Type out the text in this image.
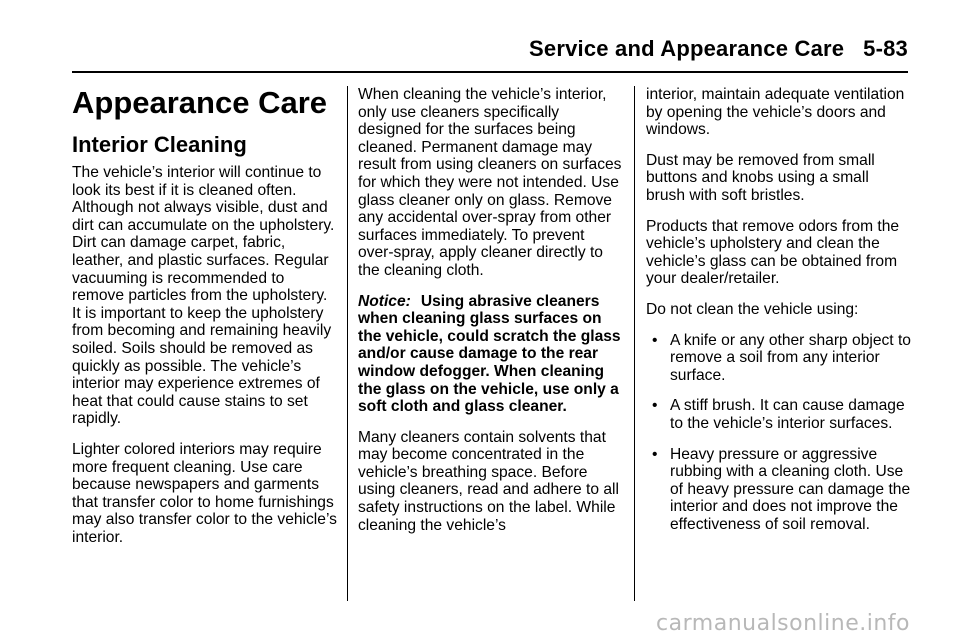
Service and Appearance Care 5-83
Appearance Care
Interior Cleaning

The vehicle’s interior will continue to look its best if it is cleaned often. Although not always visible, dust and dirt can accumulate on the upholstery. Dirt can damage carpet, fabric, leather, and plastic surfaces. Regular vacuuming is recommended to remove particles from the upholstery. It is important to keep the upholstery from becoming and remaining heavily soiled. Soils should be removed as quickly as possible. The vehicle’s interior may experience extremes of heat that could cause stains to set rapidly.

Lighter colored interiors may require more frequent cleaning. Use care because newspapers and garments that transfer color to home furnishings may also transfer color to the vehicle’s interior.

When cleaning the vehicle’s interior, only use cleaners specifically designed for the surfaces being cleaned. Permanent damage may result from using cleaners on surfaces for which they were not intended. Use glass cleaner only on glass. Remove any accidental over-spray from other surfaces immediately. To prevent over-spray, apply cleaner directly to the cleaning cloth.

Notice: Using abrasive cleaners when cleaning glass surfaces on the vehicle, could scratch the glass and/or cause damage to the rear window defogger. When cleaning the glass on the vehicle, use only a soft cloth and glass cleaner.

Many cleaners contain solvents that may become concentrated in the vehicle’s breathing space. Before using cleaners, read and adhere to all safety instructions on the label. While cleaning the vehicle’s

interior, maintain adequate ventilation by opening the vehicle’s doors and windows.

Dust may be removed from small buttons and knobs using a small brush with soft bristles.

Products that remove odors from the vehicle’s upholstery and clean the vehicle’s glass can be obtained from your dealer/retailer.

Do not clean the vehicle using:

• A knife or any other sharp object to remove a soil from any interior surface.
• A stiff brush. It can cause damage to the vehicle’s interior surfaces.
• Heavy pressure or aggressive rubbing with a cleaning cloth. Use of heavy pressure can damage the interior and does not improve the effectiveness of soil removal.
carmanualsonline.info
